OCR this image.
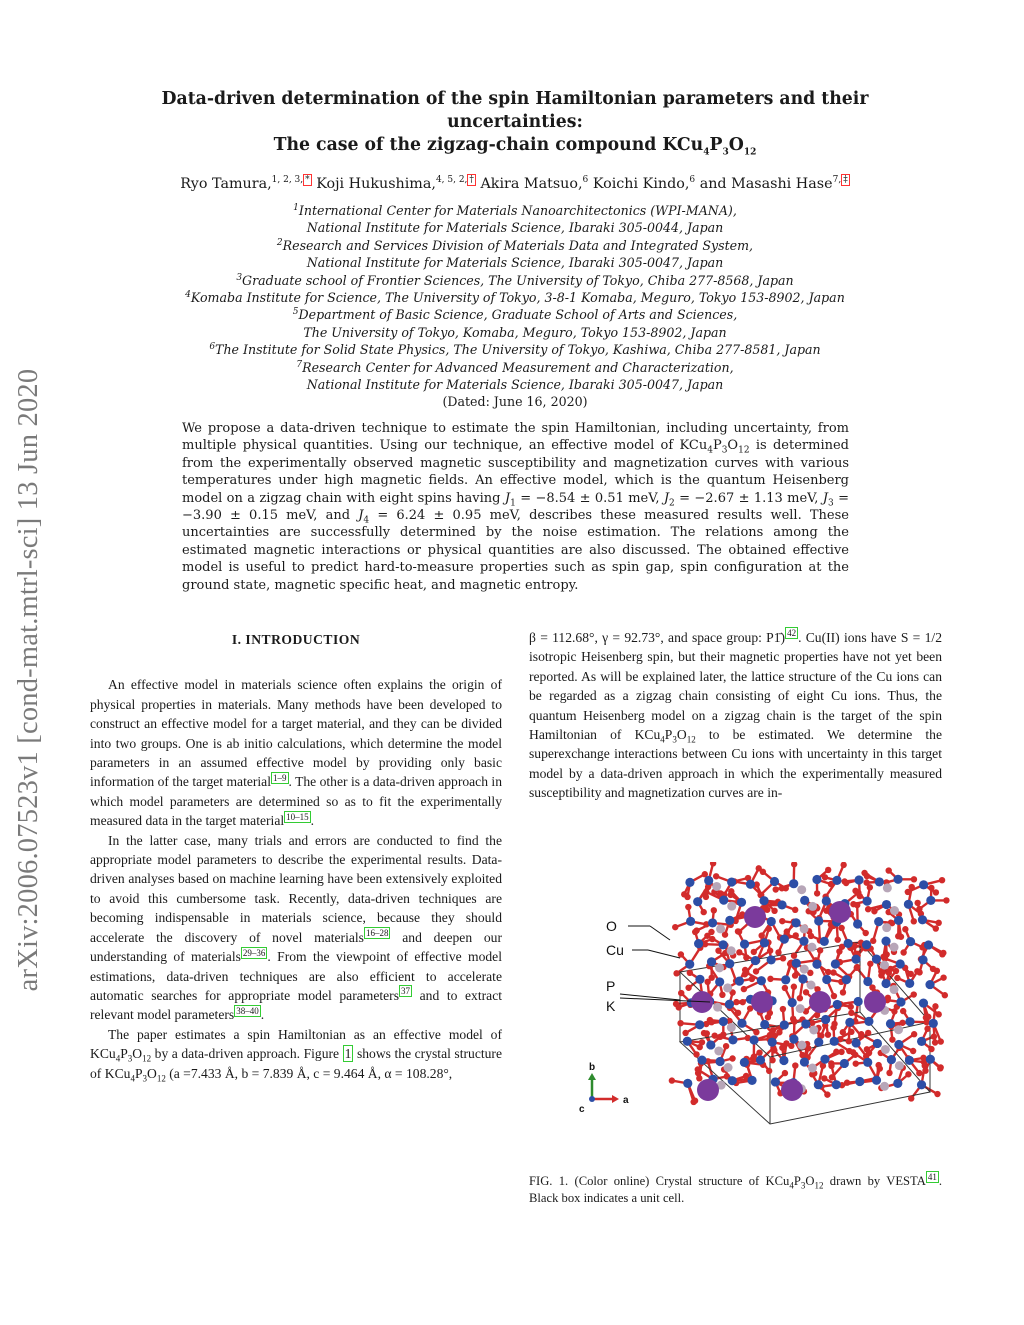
arXiv:2006.07523v1 [cond-mat.mtrl-sci] 13 Jun 2020
Data-driven determination of the spin Hamiltonian parameters and their
uncertainties:
The case of the zigzag-chain compound $KCu_4P_3O_{12}$
Ryo Tamura,$^{1, 2, 3,}$ * Koji Hukushima,$^{4, 5, 2,}$ † Akira Matsuo,$^6$ Koichi Kindo,$^6$ and Masashi Hase$^{7,}$ ‡
$^1$International Center for Materials Nanoarchitectonics (WPI-MANA),
National Institute for Materials Science, Ibaraki 305-0044, Japan
$^2$Research and Services Division of Materials Data and Integrated System,
National Institute for Materials Science, Ibaraki 305-0047, Japan
$^3$Graduate school of Frontier Sciences, The University of Tokyo, Chiba 277-8568, Japan
$^4$Komaba Institute for Science, The University of Tokyo, 3-8-1 Komaba, Meguro, Tokyo 153-8902, Japan
$^5$Department of Basic Science, Graduate School of Arts and Sciences,
The University of Tokyo, Komaba, Meguro, Tokyo 153-8902, Japan
$^6$The Institute for Solid State Physics, The University of Tokyo, Kashiwa, Chiba 277-8581, Japan
$^7$Research Center for Advanced Measurement and Characterization,
National Institute for Materials Science, Ibaraki 305-0047, Japan
(Dated: June 16, 2020)
We propose a data-driven technique to estimate the spin Hamiltonian, including uncertainty, from multiple physical quantities. Using our technique, an effective model of $KCu_4P_3O_{12}$ is determined from the experimentally observed magnetic susceptibility and magnetization curves with various temperatures under high magnetic fields. An effective model, which is the quantum Heisenberg model on a zigzag chain with eight spins having $J_1 = -8.54 \pm 0.51$ meV, $J_2 = -2.67 \pm 1.13$ meV, $J_3 = -3.90 \pm 0.15$ meV, and $J_4 = 6.24 \pm 0.95$ meV, describes these measured results well. These uncertainties are successfully determined by the noise estimation. The relations among the estimated magnetic interactions or physical quantities are also discussed. The obtained effective model is useful to predict hard-to-measure properties such as spin gap, spin configuration at the ground state, magnetic specific heat, and magnetic entropy.
I. INTRODUCTION

An effective model in materials science often explains the origin of physical properties in materials. Many methods have been developed to construct an effective model for a target material, and they can be divided into two groups. One is ab initio calculations, which determine the model parameters in an assumed effective model by providing only basic information of the target material $^{1-9}$ . The other is a data-driven approach in which model parameters are determined so as to fit the experimentally measured data in the target material $^{10-15}$ .

In the latter case, many trials and errors are conducted to find the appropriate model parameters to describe the experimental results. Data-driven analyses based on machine learning have been extensively exploited to avoid this cumbersome task. Recently, data-driven techniques are becoming indispensable in materials science, because they should accelerate the discovery of novel materials $^{16-28}$ and deepen our understanding of materials $^{29-36}$ . From the viewpoint of effective model estimations, data-driven techniques are also efficient to accelerate automatic searches for appropriate model parameters $^{37}$ and to extract relevant model parameters $^{38-40}$ .

The paper estimates a spin Hamiltonian as an effective model of $KCu_4P_3O_{12}$ by a data-driven approach. Figure 1 shows the crystal structure of $KCu_4P_3O_{12}$ (a =7.433 Å, b = 7.839 Å, c = 9.464 Å, α = 108.28°,

β = 112.68°, γ = 92.73°, and space group: P1̄) $^{42}$ . Cu(II) ions have S = 1/2 isotropic Heisenberg spin, but their magnetic properties have not yet been reported. As will be explained later, the lattice structure of the Cu ions can be regarded as a zigzag chain consisting of eight Cu ions. Thus, the quantum Heisenberg model on a zigzag chain is the target of the spin Hamiltonian of $KCu_4P_3O_{12}$ to be estimated. We determine the superexchange interactions between Cu ions with uncertainty in this target model by a data-driven approach in which the experimentally measured susceptibility and magnetization curves are in-

O
Cu
P
K
b
a
c
FIG. 1. (Color online) Crystal structure of $KCu_4P_3O_{12}$ drawn by VESTA $^{41}$ . Black box indicates a unit cell.
